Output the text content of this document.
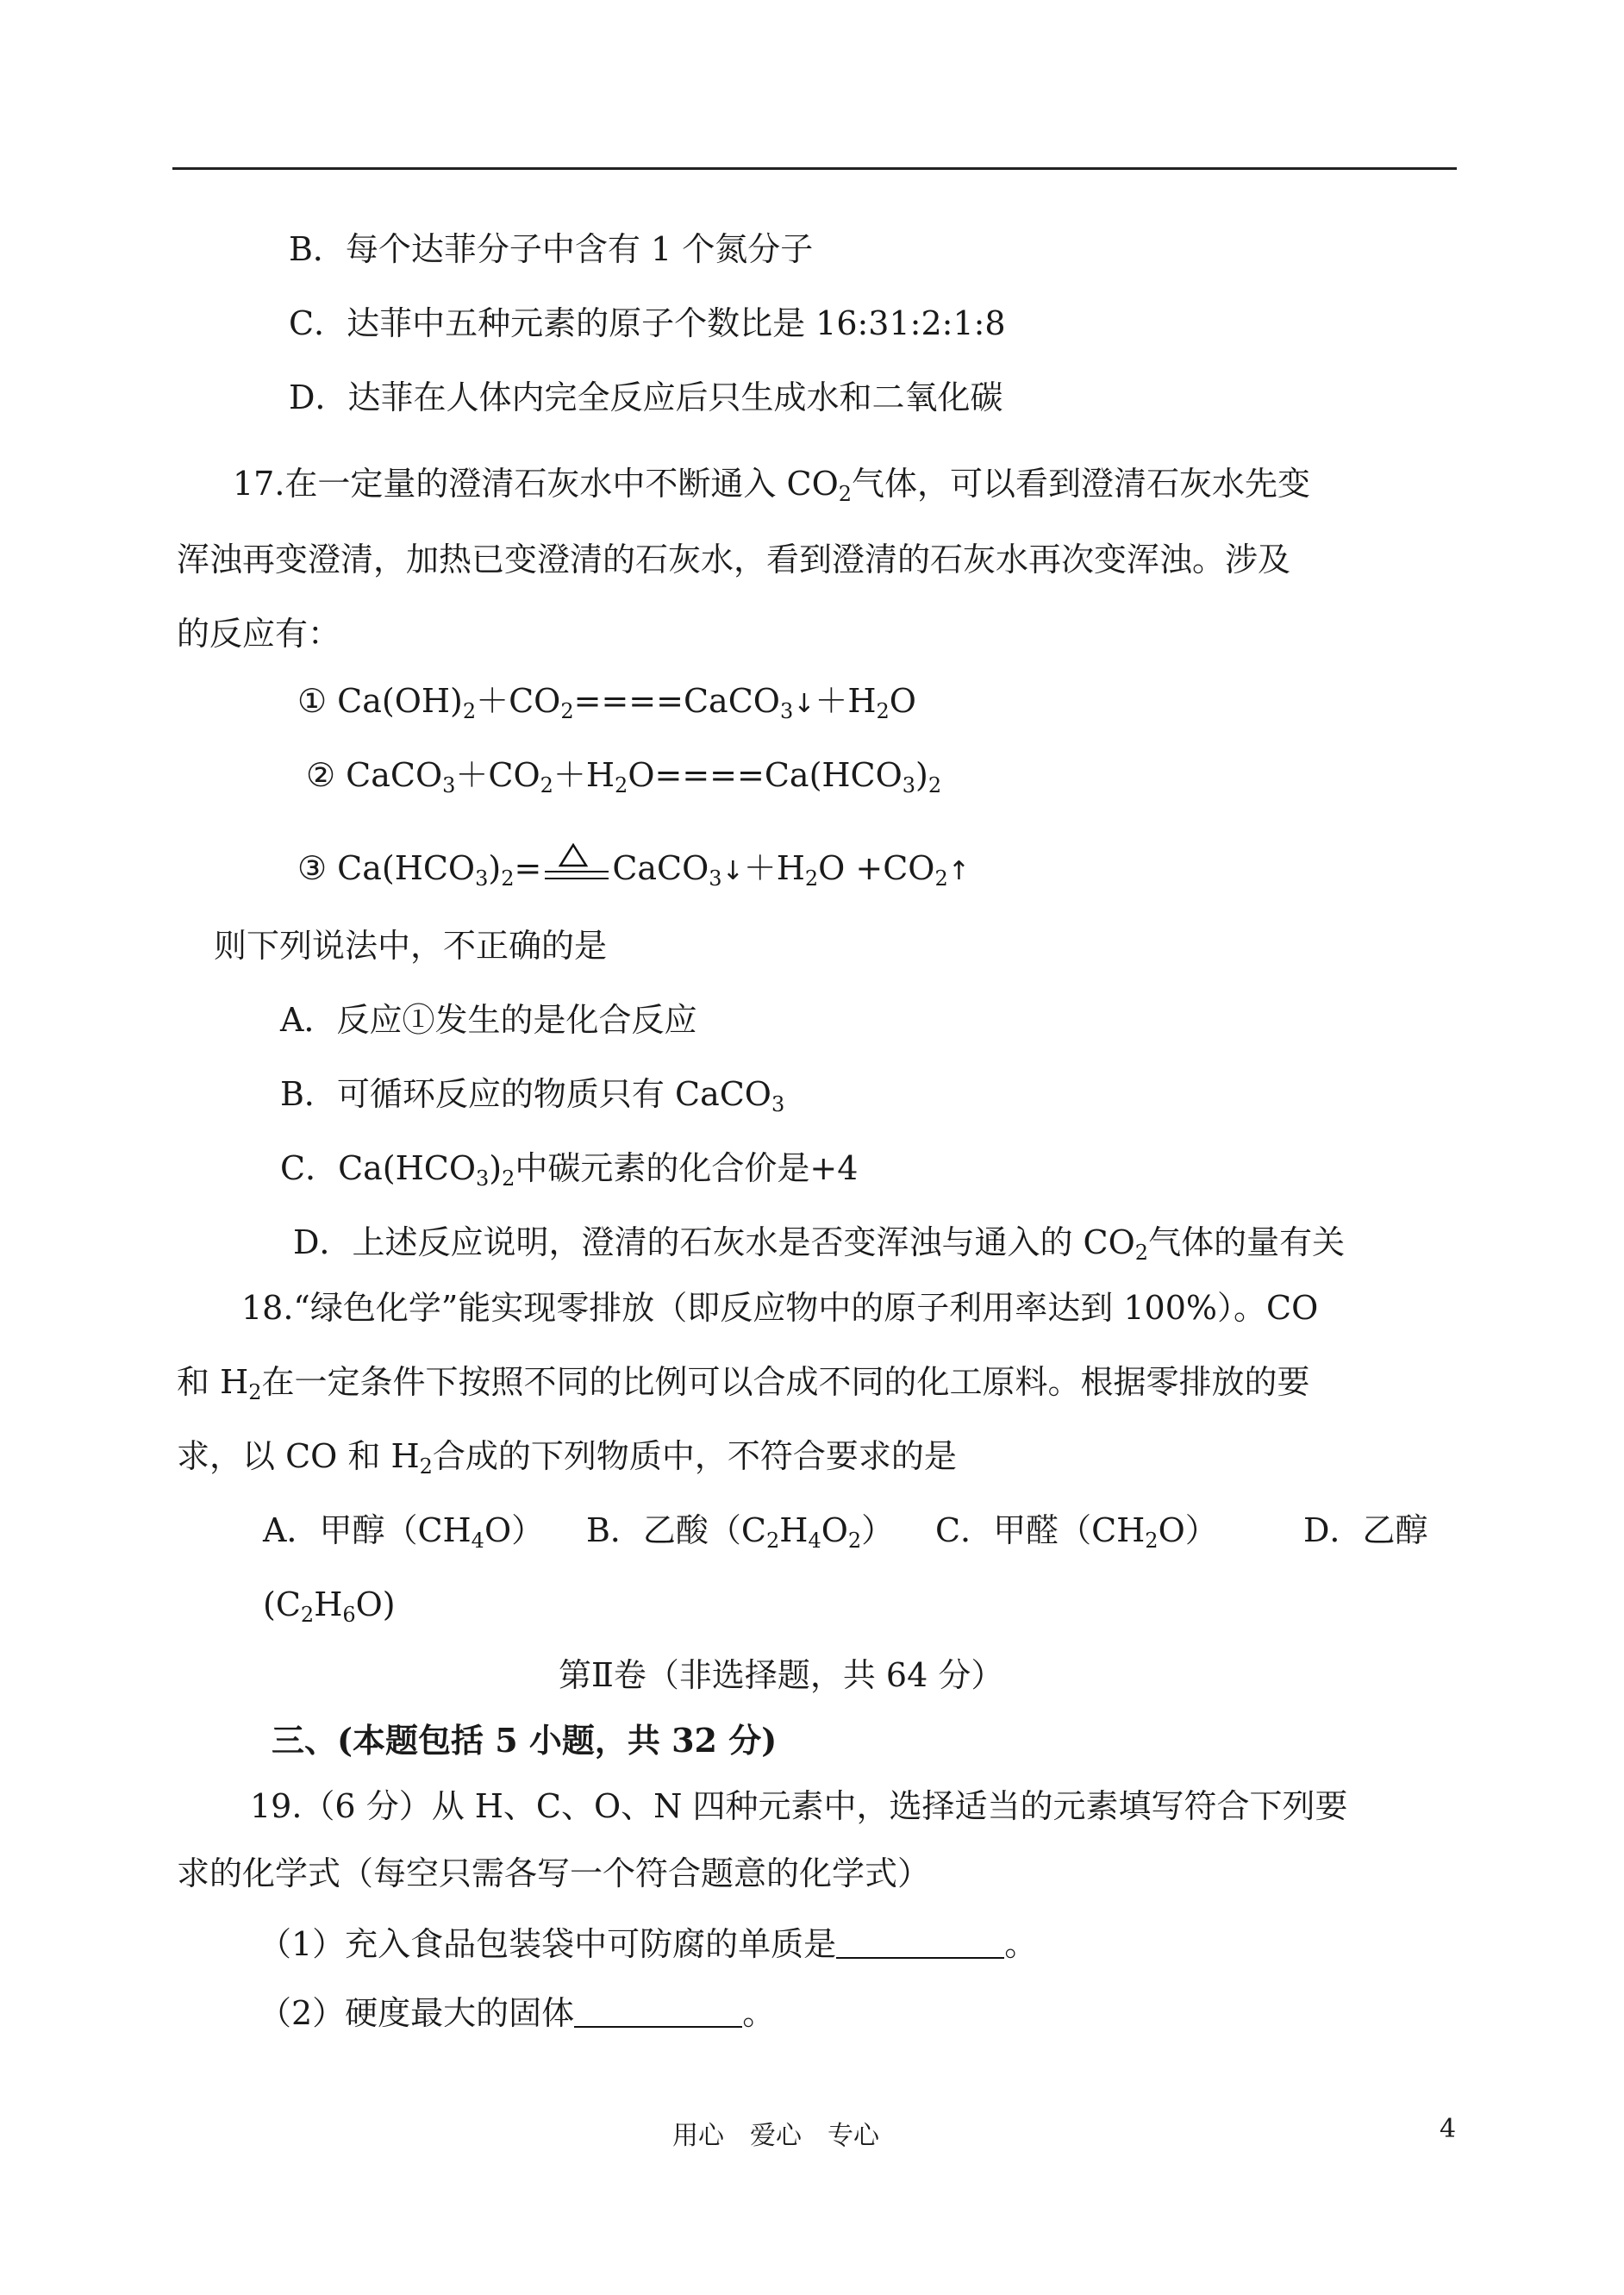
B．每个达菲分子中含有 1 个氮分子
C．达菲中五种元素的原子个数比是 16:31:2:1:8
D．达菲在人体内完全反应后只生成水和二氧化碳
17.在一定量的澄清石灰水中不断通入 $CO_2$气体，可以看到澄清石灰水先变
浑浊再变澄清，加热已变澄清的石灰水，看到澄清的石灰水再次变浑浊。涉及
的反应有：
① $Ca(OH)_2+CO_2====CaCO_3↓+H_2O$
② $CaCO_3+CO_2+H_2O====Ca(HCO_3)_2$
③ $Ca(HCO_3)_2=$ $CaCO_3↓+H_2O$ $+CO_2↑$
则下列说法中，不正确的是
A．反应①发生的是化合反应
B．可循环反应的物质只有 CaCO$_3$
C．$Ca(HCO_3)_2$中碳元素的化合价是+4
D．上述反应说明，澄清的石灰水是否变浑浊与通入的 $CO_2$气体的量有关
18.“绿色化学”能实现零排放（即反应物中的原子利用率达到 100%）。CO
和 $H_2$在一定条件下按照不同的比例可以合成不同的化工原料。根据零排放的要
求，以 CO 和 $H_2$合成的下列物质中，不符合要求的是
A．甲醇$(CH_4O)$ B．乙酸$(C_2H_4O_2)$ C．甲醛$(CH_2O)$	D．乙醇
$(C_2H_6O)$
第Ⅱ卷（非选择题，共 64 分）
三、(本题包括 5 小题，共 32 分)
19.（6 分）从 H、C、O、N 四种元素中，选择适当的元素填写符合下列要
求的化学式（每空只需各写一个符合题意的化学式）
（1）充入食品包装袋中可防腐的单质是	。
（2）硬度最大的固体	。
用心　爱心　专心	4
